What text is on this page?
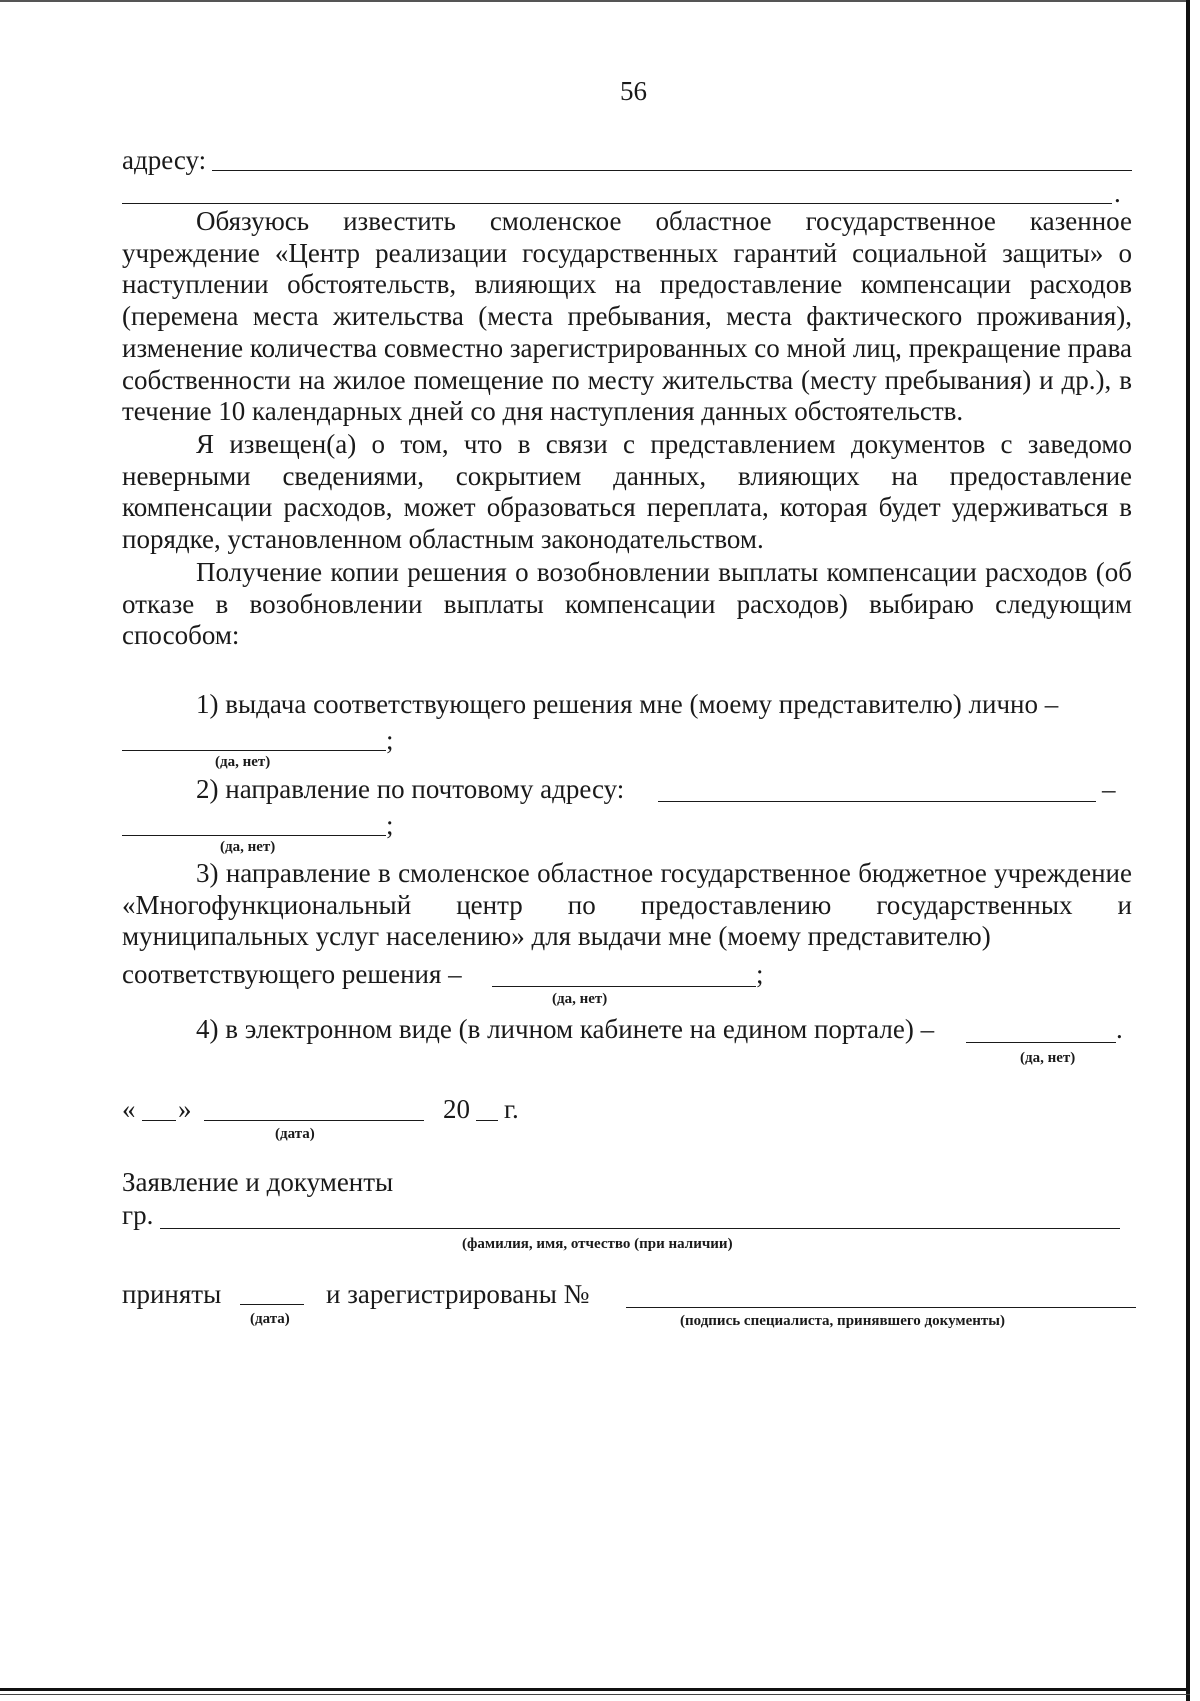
56
адресу:
.
Обязуюсь известить смоленское областное государственное казенное учреждение «Центр реализации государственных гарантий социальной защиты» о наступлении обстоятельств, влияющих на предоставление компенсации расходов (перемена места жительства (места пребывания, места фактического проживания), изменение количества совместно зарегистрированных со мной лиц, прекращение права собственности на жилое помещение по месту жительства (месту пребывания) и др.), в течение 10 календарных дней со дня наступления данных обстоятельств.
Я извещен(а) о том, что в связи с представлением документов с заведомо неверными сведениями, сокрытием данных, влияющих на предоставление компенсации расходов, может образоваться переплата, которая будет удерживаться в порядке, установленном областным законодательством.
Получение копии решения о возобновлении выплаты компенсации расходов (об отказе в возобновлении выплаты компенсации расходов) выбираю следующим способом:
1) выдача соответствующего решения мне (моему представителю) лично –
;
(да, нет)
2) направление по почтовому адресу:	–
;
(да, нет)
3) направление в смоленское областное государственное бюджетное учреждение «Многофункциональный центр по предоставлению государственных и муниципальных услуг населению» для выдачи мне (моему представителю)
соответствующего решения –	;
(да, нет)
4) в электронном виде (в личном кабинете на едином портале) –	.
(да, нет)
« »	20 г.
(дата)
Заявление и документы
гр.
(фамилия, имя, отчество (при наличии)
приняты	и зарегистрированы №
(дата)	(подпись специалиста, принявшего документы)
